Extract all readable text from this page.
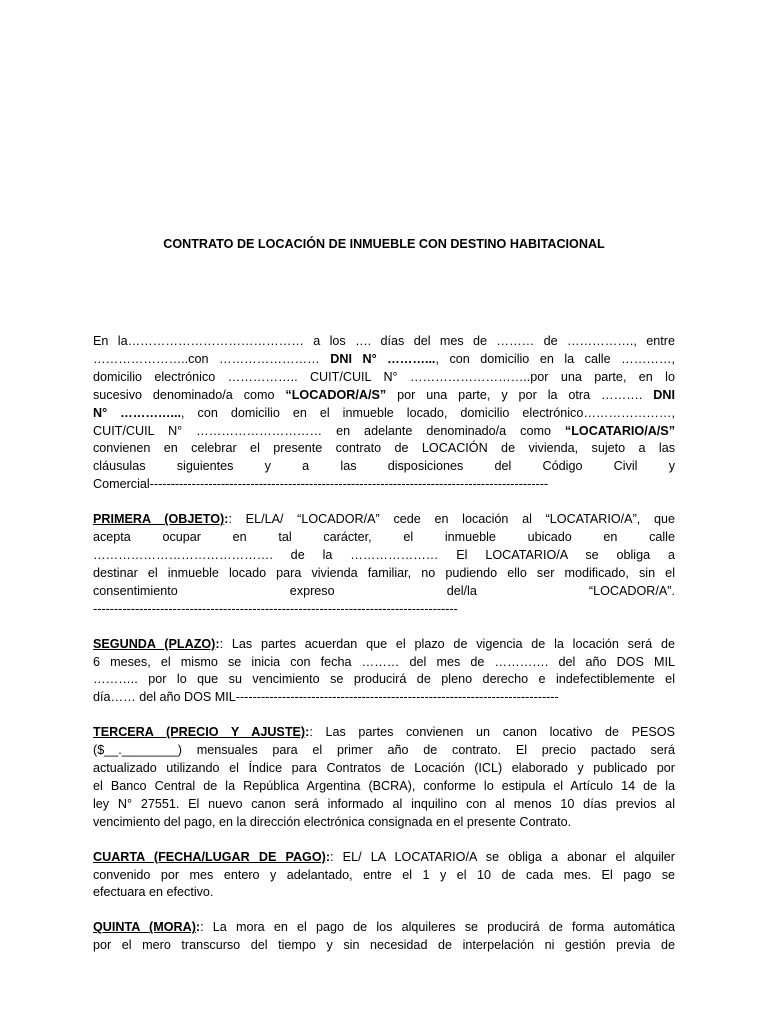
CONTRATO DE LOCACIÓN DE INMUEBLE CON DESTINO HABITACIONAL

En la…………………………………… a los …. días del mes de ……… de ……………., entre
…………………..con …………………… DNI N° ………..., con domicilio en la calle …………,
domicilio electrónico …………….. CUIT/CUIL N° ………………………..por una parte, en lo
sucesivo denominado/a como “LOCADOR/A/S” por una parte, y por la otra ………. DNI
N° …………..., con domicilio en el inmueble locado, domicilio electrónico…………………,
CUIT/CUIL N° ………………………… en adelante denominado/a como “LOCATARIO/A/S”
convienen en celebrar el presente contrato de LOCACIÓN de vivienda, sujeto a las
cláusulas siguientes y a las disposiciones del Código Civil y
Comercial-----------------------------------------------------------------------------------------------

PRIMERA (OBJETO):: EL/LA/ “LOCADOR/A” cede en locación al “LOCATARIO/A”, que
acepta ocupar en tal carácter, el inmueble ubicado en calle
……………………………………. de la ………………… El LOCATARIO/A se obliga a
destinar el inmueble locado para vivienda familiar, no pudiendo ello ser modificado, sin el
consentimiento expreso del/la “LOCADOR/A”.
---------------------------------------------------------------------------------------

SEGUNDA (PLAZO):: Las partes acuerdan que el plazo de vigencia de la locación será de
6 meses, el mismo se inicia con fecha ……… del mes de …………. del año DOS MIL
……….. por lo que su vencimiento se producirá de pleno derecho e indefectiblemente el
día…… del año DOS MIL-----------------------------------------------------------------------------

TERCERA (PRECIO Y AJUSTE):: Las partes convienen un canon locativo de PESOS
($__.________) mensuales para el primer año de contrato. El precio pactado será
actualizado utilizando el Índice para Contratos de Locación (ICL) elaborado y publicado por
el Banco Central de la República Argentina (BCRA), conforme lo estipula el Artículo 14 de la
ley N° 27551. El nuevo canon será informado al inquilino con al menos 10 días previos al
vencimiento del pago, en la dirección electrónica consignada en el presente Contrato.

CUARTA (FECHA/LUGAR DE PAGO):: EL/ LA LOCATARIO/A se obliga a abonar el alquiler
convenido por mes entero y adelantado, entre el 1 y el 10 de cada mes. El pago se
efectuara en efectivo.

QUINTA (MORA):: La mora en el pago de los alquileres se producirá de forma automática
por el mero transcurso del tiempo y sin necesidad de interpelación ni gestión previa de
